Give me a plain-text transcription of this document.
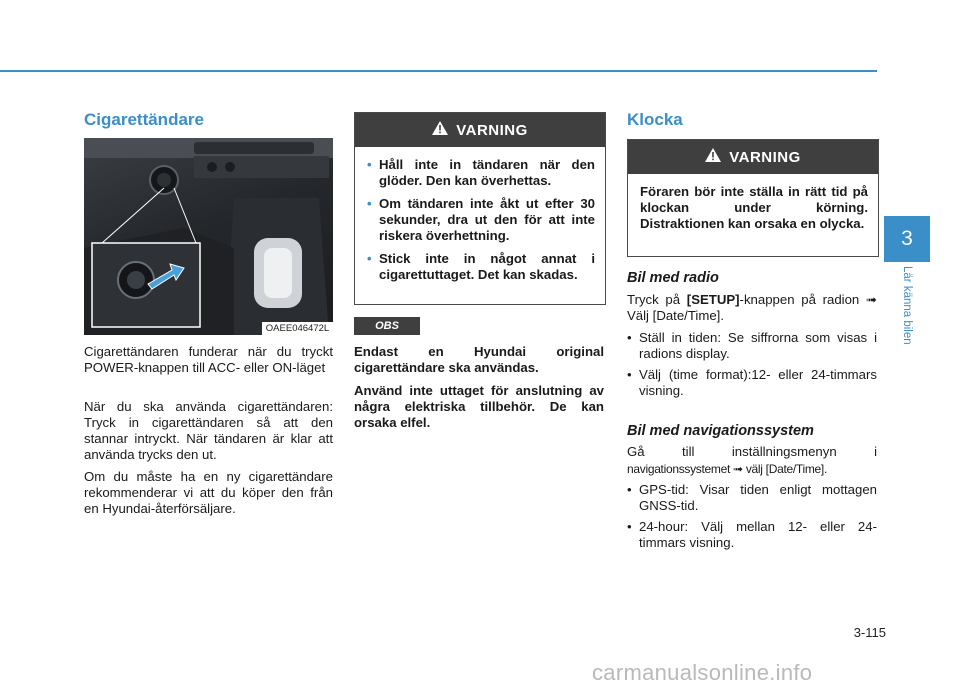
Cigarettändare
OAEE046472L

Cigarettändaren funderar när du tryckt POWER-knappen till ACC- eller ON-läget

När du ska använda cigarettändaren: Tryck in cigarettändaren så att den stannar intryckt. När tändaren är klar att använda trycks den ut.

Om du måste ha en ny cigarettändare rekommenderar vi att du köper den från en Hyundai-återförsäljare.

VARNING
• Håll inte in tändaren när den glöder. Den kan överhettas.
• Om tändaren inte åkt ut efter 30 sekunder, dra ut den för att inte riskera överhettning.
• Stick inte in något annat i cigarettuttaget. Det kan skadas.
OBS

Endast en Hyundai original cigarettändare ska användas.

Använd inte uttaget för anslutning av några elektriska tillbehör. De kan orsaka elfel.

Klocka
VARNING

Föraren bör inte ställa in rätt tid på klockan under körning. Distraktionen kan orsaka en olycka.

Bil med radio

Tryck på [SETUP]-knappen på radion ➟ Välj [Date/Time].

• Ställ in tiden: Se siffrorna som visas i radions display.
• Välj (time format):12- eller 24-timmars visning.
Bil med navigationssystem

Gå till inställningsmenyn i

navigationssystemet ➟ välj [Date/Time].

• GPS-tid: Visar tiden enligt mottagen GNSS-tid.
• 24-hour: Välj mellan 12- eller 24-timmars visning.
3
Lär känna bilen
3-115
carmanualsonline.info
